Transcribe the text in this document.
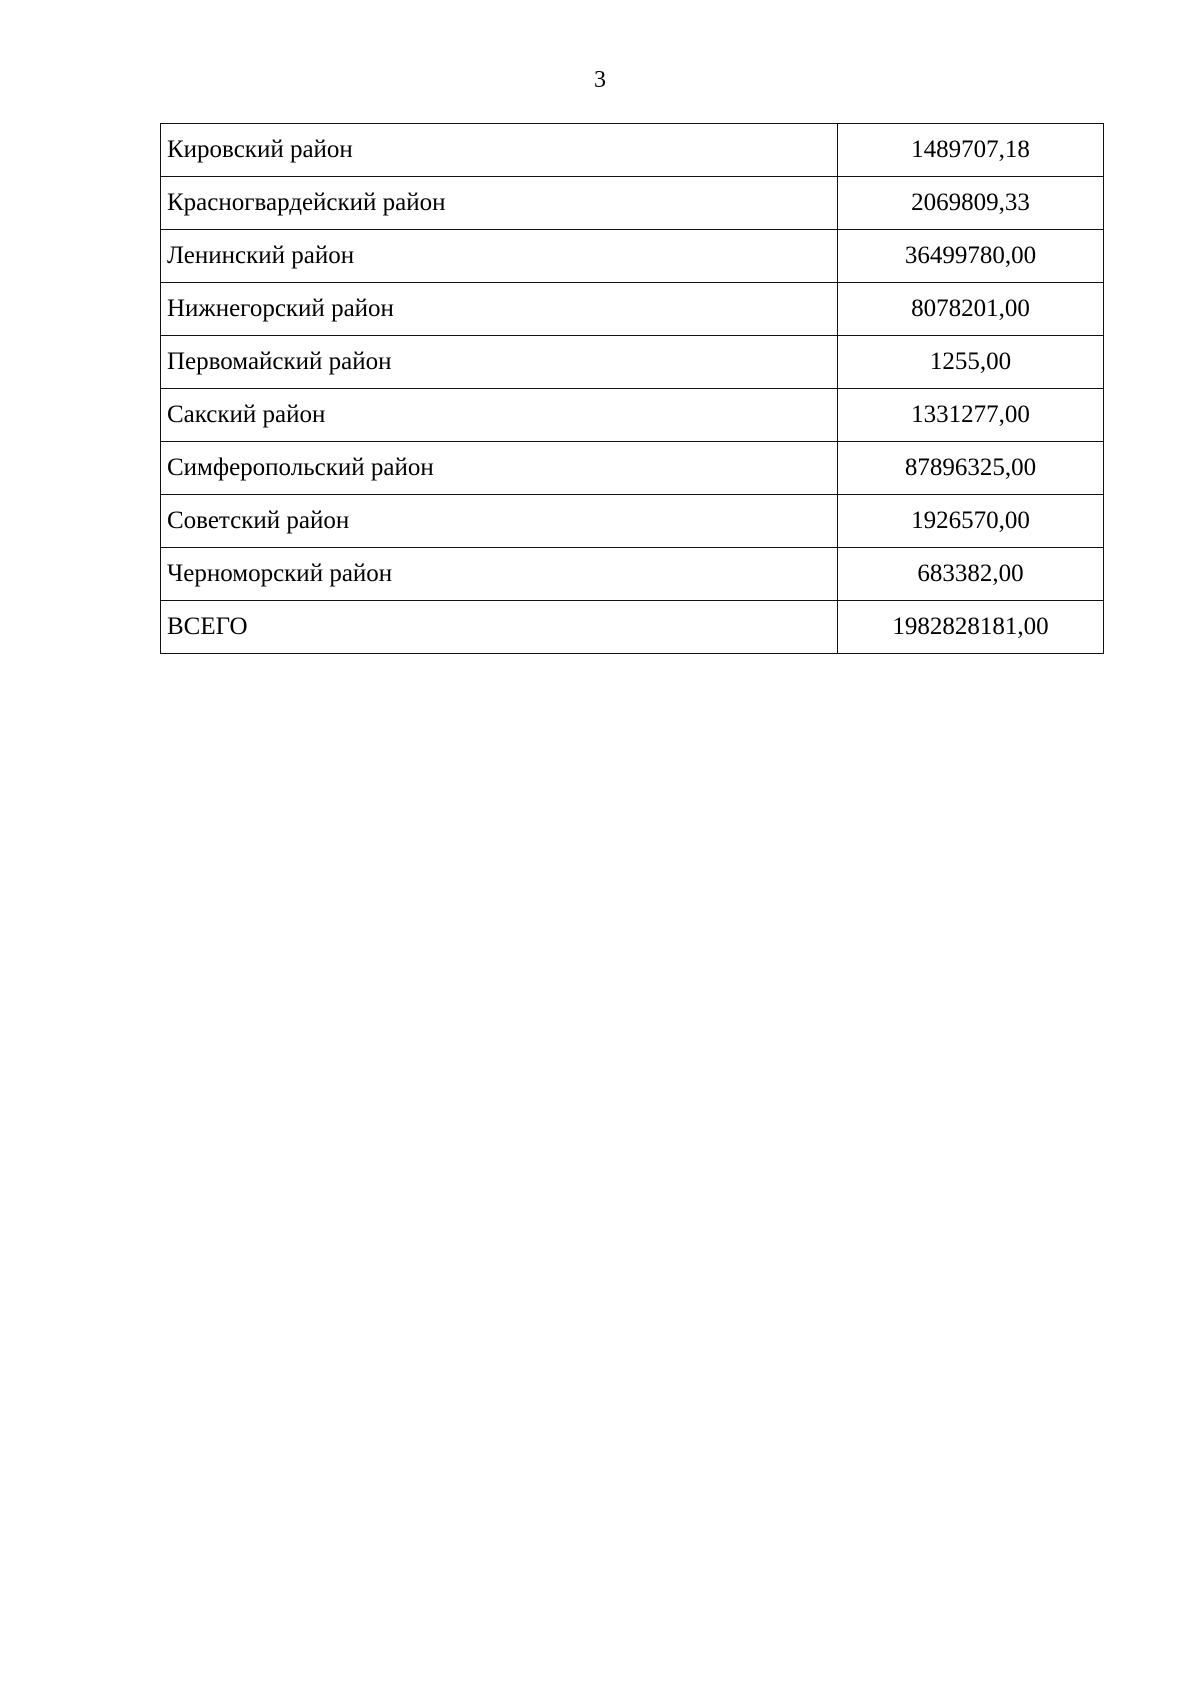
3
Кировский район	1489707,18
Красногвардейский район	2069809,33
Ленинский район	36499780,00
Нижнегорский район	8078201,00
Первомайский район	1255,00
Сакский район	1331277,00
Симферопольский район	87896325,00
Советский район	1926570,00
Черноморский район	683382,00
ВСЕГО	1982828181,00
